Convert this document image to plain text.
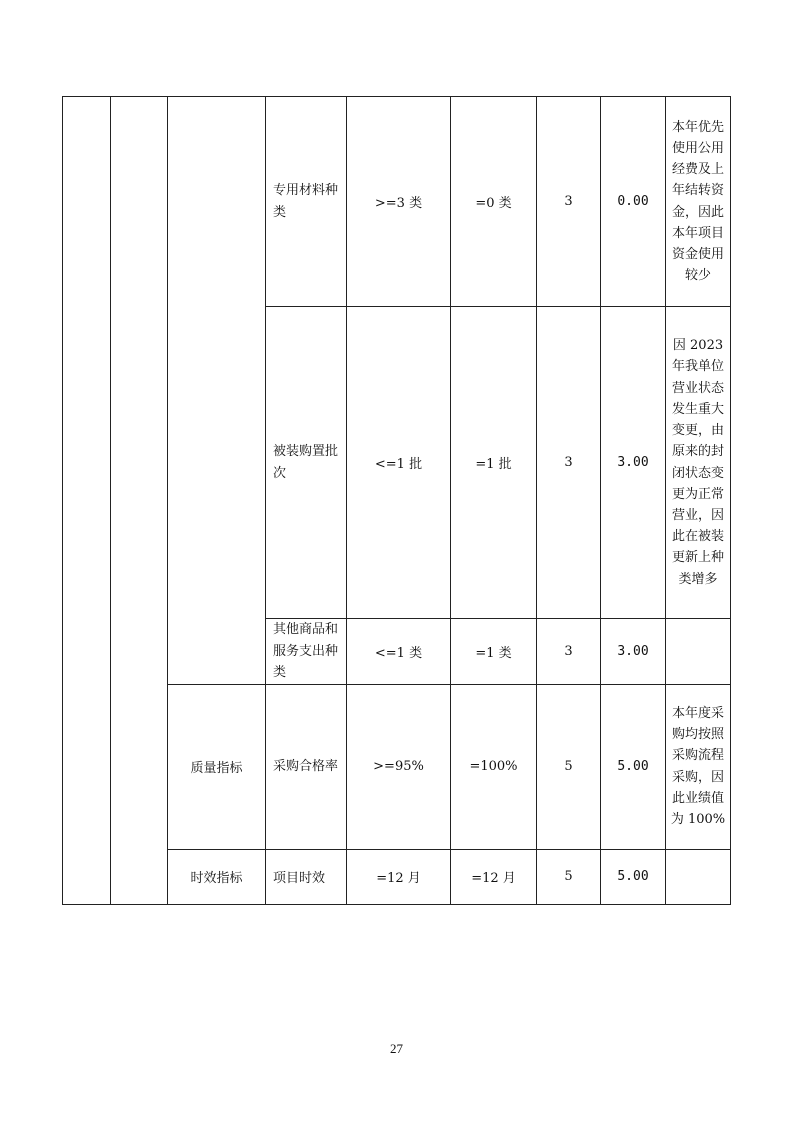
			专用材料种类	>=3 类	=0 类	3	0.00	本年优先使用公用经费及上年结转资金，因此本年项目资金使用较少
			被装购置批次	<=1 批	=1 批	3	3.00	因 2023 年我单位营业状态发生重大变更，由原来的封闭状态变更为正常营业，因此在被装更新上种类增多
			其他商品和服务支出种类	<=1 类	=1 类	3	3.00	
		质量指标	采购合格率	>=95%	=100%	5	5.00	本年度采购均按照采购流程采购，因此业绩值为 100%
		时效指标	项目时效	=12 月	=12 月	5	5.00	
27
